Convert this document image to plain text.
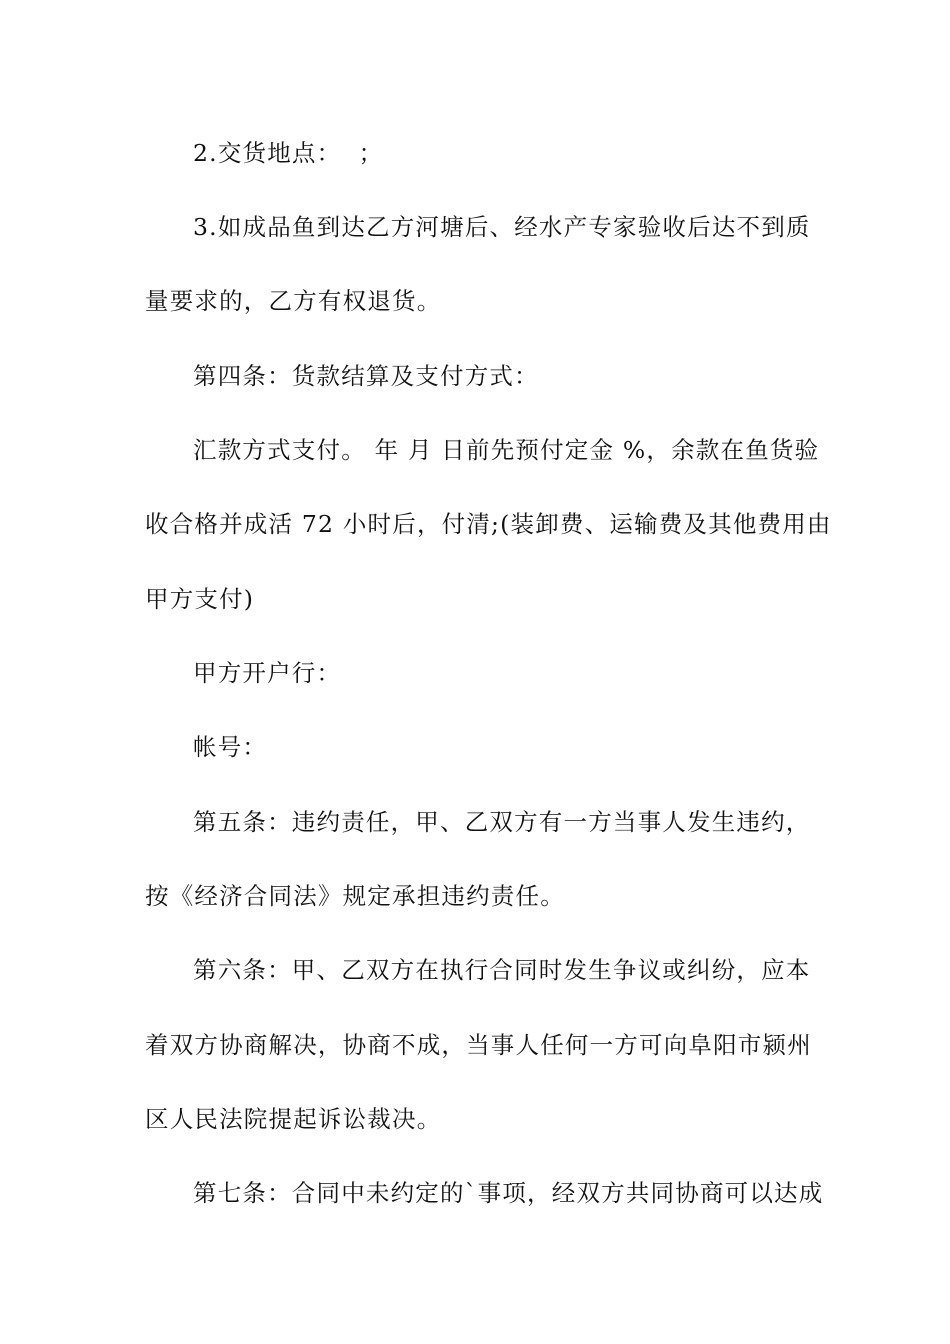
2.交货地点：  ；
3.如成品鱼到达乙方河塘后、经水产专家验收后达不到质
量要求的，乙方有权退货。
第四条：货款结算及支付方式：
汇款方式支付。 年 月 日前先预付定金 %，余款在鱼货验
收合格并成活 72 小时后，付清;(装卸费、运输费及其他费用由
甲方支付)
甲方开户行：
帐号：
第五条：违约责任，甲、乙双方有一方当事人发生违约，
按《经济合同法》规定承担违约责任。
第六条：甲、乙双方在执行合同时发生争议或纠纷，应本
着双方协商解决，协商不成，当事人任何一方可向阜阳市颍州
区人民法院提起诉讼裁决。
第七条：合同中未约定的`事项，经双方共同协商可以达成
